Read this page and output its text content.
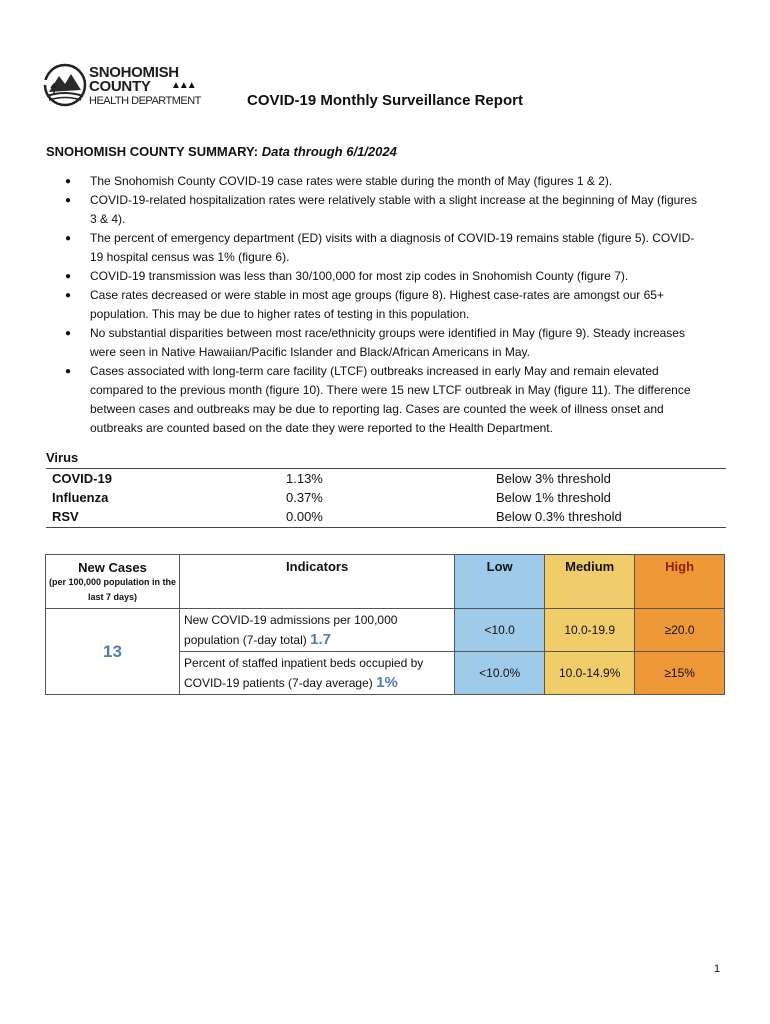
SNOHOMISH
COUNTY ▲▲▲
HEALTH DEPARTMENT	COVID-19 Monthly Surveillance Report
SNOHOMISH COUNTY SUMMARY: Data through 6/1/2024
● The Snohomish County COVID-19 case rates were stable during the month of May (figures 1 & 2).
● COVID-19-related hospitalization rates were relatively stable with a slight increase at the beginning of May (figures 3 & 4).
● The percent of emergency department (ED) visits with a diagnosis of COVID-19 remains stable (figure 5). COVID-19 hospital census was 1% (figure 6).
● COVID-19 transmission was less than 30/100,000 for most zip codes in Snohomish County (figure 7).
● Case rates decreased or were stable in most age groups (figure 8). Highest case-rates are amongst our 65+ population. This may be due to higher rates of testing in this population.
● No substantial disparities between most race/ethnicity groups were identified in May (figure 9). Steady increases were seen in Native Hawaiian/Pacific Islander and Black/African Americans in May.
● Cases associated with long-term care facility (LTCF) outbreaks increased in early May and remain elevated compared to the previous month (figure 10). There were 15 new LTCF outbreak in May (figure 11). The difference between cases and outbreaks may be due to reporting lag. Cases are counted the week of illness onset and outbreaks are counted based on the date they were reported to the Health Department.
Virus
COVID-19	1.13%	Below 3% threshold
Influenza	0.37%	Below 1% threshold
RSV	0.00%	Below 0.3% threshold
New Cases
(per 100,000 population in the last 7 days)	Indicators	Low	Medium	High
13	New COVID-19 admissions per 100,000 population (7-day total) 1.7	<10.0	10.0-19.9	≥20.0
	Percent of staffed inpatient beds occupied by COVID-19 patients (7-day average) 1%	<10.0%	10.0-14.9%	≥15%
1
